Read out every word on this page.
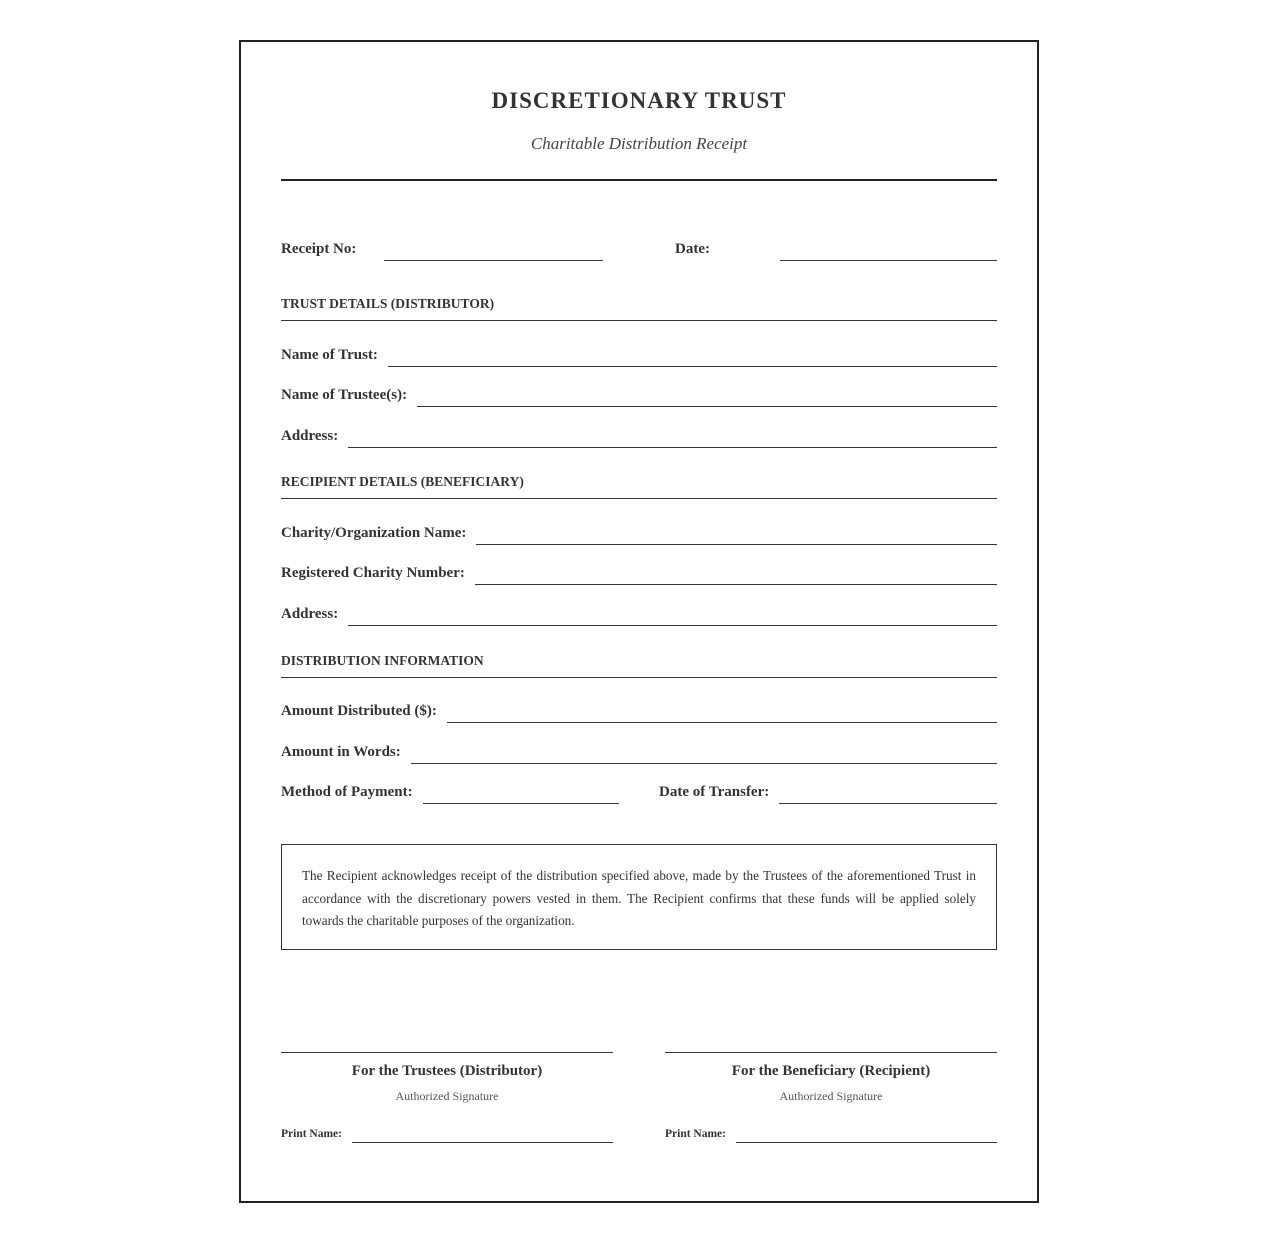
DISCRETIONARY TRUST
Charitable Distribution Receipt
Receipt No:	Date:
TRUST DETAILS (DISTRIBUTOR)
Name of Trust:
Name of Trustee(s):
Address:
RECIPIENT DETAILS (BENEFICIARY)
Charity/Organization Name:
Registered Charity Number:
Address:
DISTRIBUTION INFORMATION
Amount Distributed ($):
Amount in Words:
Method of Payment:	Date of Transfer:
The Recipient acknowledges receipt of the distribution specified above, made by the Trustees of the aforementioned Trust in accordance with the discretionary powers vested in them. The Recipient confirms that these funds will be applied solely towards the charitable purposes of the organization.
For the Trustees (Distributor)
Authorized Signature
Print Name:
For the Beneficiary (Recipient)
Authorized Signature
Print Name:
